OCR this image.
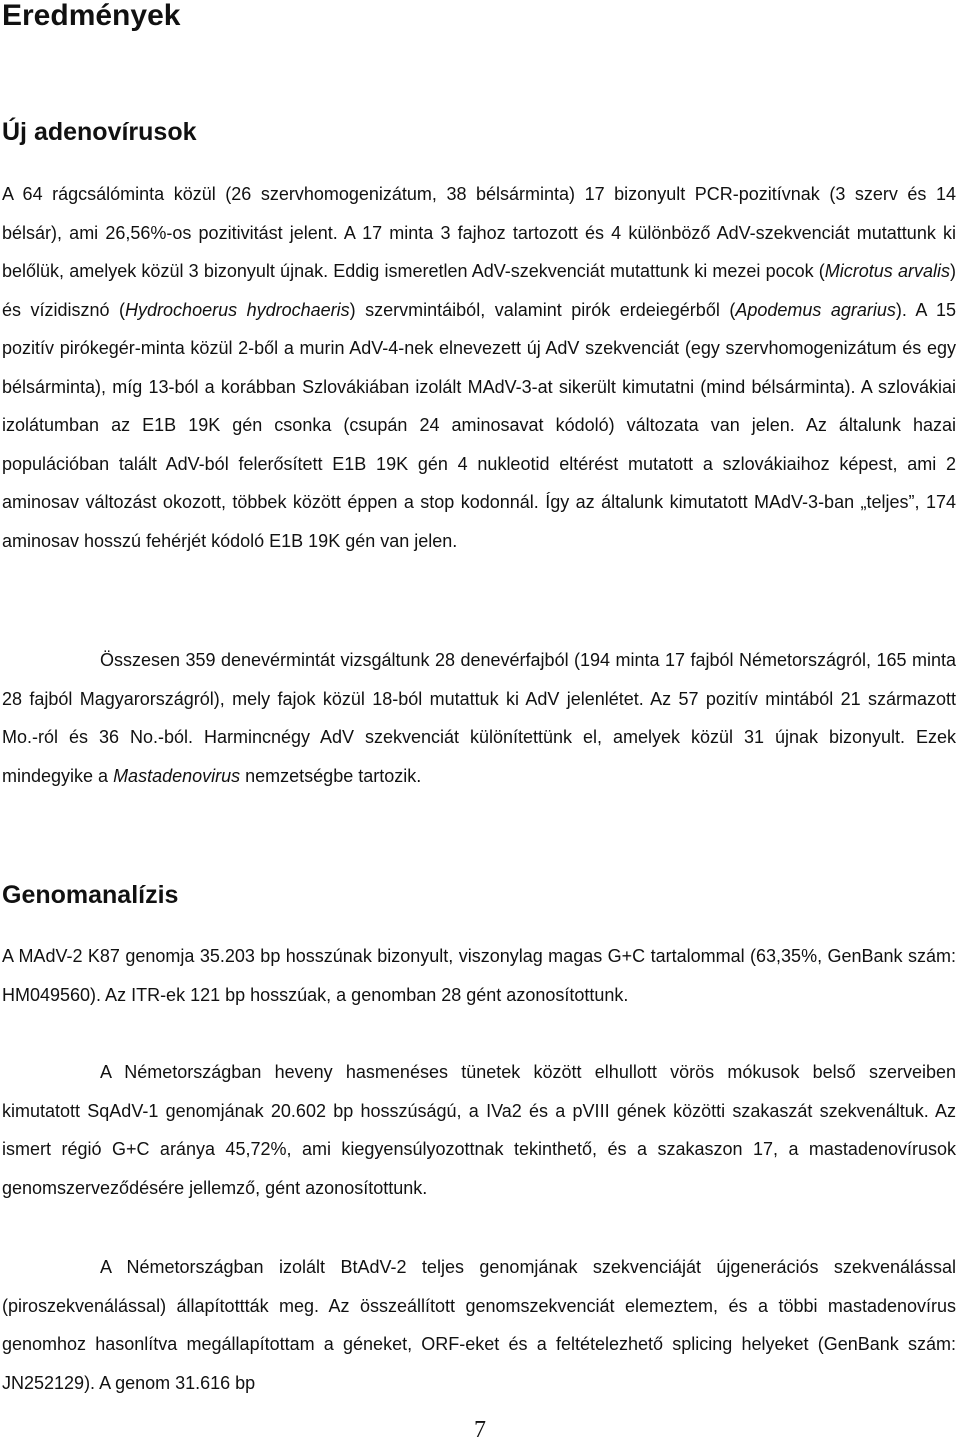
Eredmények
Új adenovírusok

A 64 rágcsálóminta közül (26 szervhomogenizátum, 38 bélsárminta) 17 bizonyult PCR-pozitívnak (3 szerv és 14 bélsár), ami 26,56%-os pozitivitást jelent. A 17 minta 3 fajhoz tartozott és 4 különböző AdV-szekvenciát mutattunk ki belőlük, amelyek közül 3 bizonyult újnak. Eddig ismeretlen AdV-szekvenciát mutattunk ki mezei pocok (Microtus arvalis) és vízidisznó (Hydrochoerus hydrochaeris) szervmintáiból, valamint pirók erdeiegérből (Apodemus agrarius). A 15 pozitív pirókegér-minta közül 2-ből a murin AdV-4-nek elnevezett új AdV szekvenciát (egy szervhomogenizátum és egy bélsárminta), míg 13-ból a korábban Szlovákiában izolált MAdV-3-at sikerült kimutatni (mind bélsárminta). A szlovákiai izolátumban az E1B 19K gén csonka (csupán 24 aminosavat kódoló) változata van jelen. Az általunk hazai populációban talált AdV-ból felerősített E1B 19K gén 4 nukleotid eltérést mutatott a szlovákiaihoz képest, ami 2 aminosav változást okozott, többek között éppen a stop kodonnál. Így az általunk kimutatott MAdV-3-ban „teljes”, 174 aminosav hosszú fehérjét kódoló E1B 19K gén van jelen.

Összesen 359 denevérmintát vizsgáltunk 28 denevérfajból (194 minta 17 fajból Németországról, 165 minta 28 fajból Magyarországról), mely fajok közül 18-ból mutattuk ki AdV jelenlétet. Az 57 pozitív mintából 21 származott Mo.-ról és 36 No.-ból. Harmincnégy AdV szekvenciát különítettünk el, amelyek közül 31 újnak bizonyult. Ezek mindegyike a Mastadenovirus nemzetségbe tartozik.

Genomanalízis

A MAdV-2 K87 genomja 35.203 bp hosszúnak bizonyult, viszonylag magas G+C tartalommal (63,35%, GenBank szám: HM049560). Az ITR-ek 121 bp hosszúak, a genomban 28 gént azonosítottunk.

A Németországban heveny hasmenéses tünetek között elhullott vörös mókusok belső szerveiben kimutatott SqAdV-1 genomjának 20.602 bp hosszúságú, a IVa2 és a pVIII gének közötti szakaszát szekvenáltuk. Az ismert régió G+C aránya 45,72%, ami kiegyensúlyozottnak tekinthető, és a szakaszon 17, a mastadenovírusok genomszerveződésére jellemző, gént azonosítottunk.

A Németországban izolált BtAdV-2 teljes genomjának szekvenciáját újgenerációs szekvenálással (piroszekvenálással) állapítottták meg. Az összeállított genomszekvenciát elemeztem, és a többi mastadenovírus genomhoz hasonlítva megállapítottam a géneket, ORF-eket és a feltételezhető splicing helyeket (GenBank szám: JN252129). A genom 31.616 bp

7
